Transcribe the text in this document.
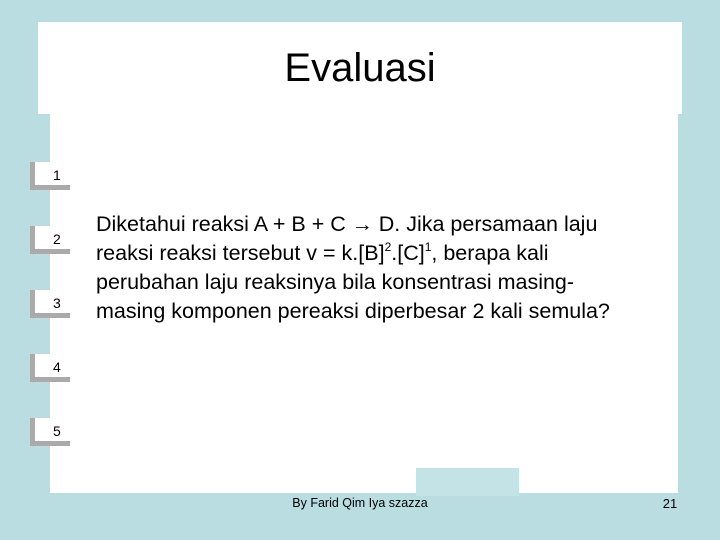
Evaluasi
1
2
3
4
5
Diketahui reaksi A + B + C → D. Jika persamaan laju reaksi reaksi tersebut $v = k.[B]^2.[C]^1$, berapa kali perubahan laju reaksinya bila konsentrasi masing-masing komponen pereaksi diperbesar 2 kali semula?
By Farid Qim Iya szazza	21
